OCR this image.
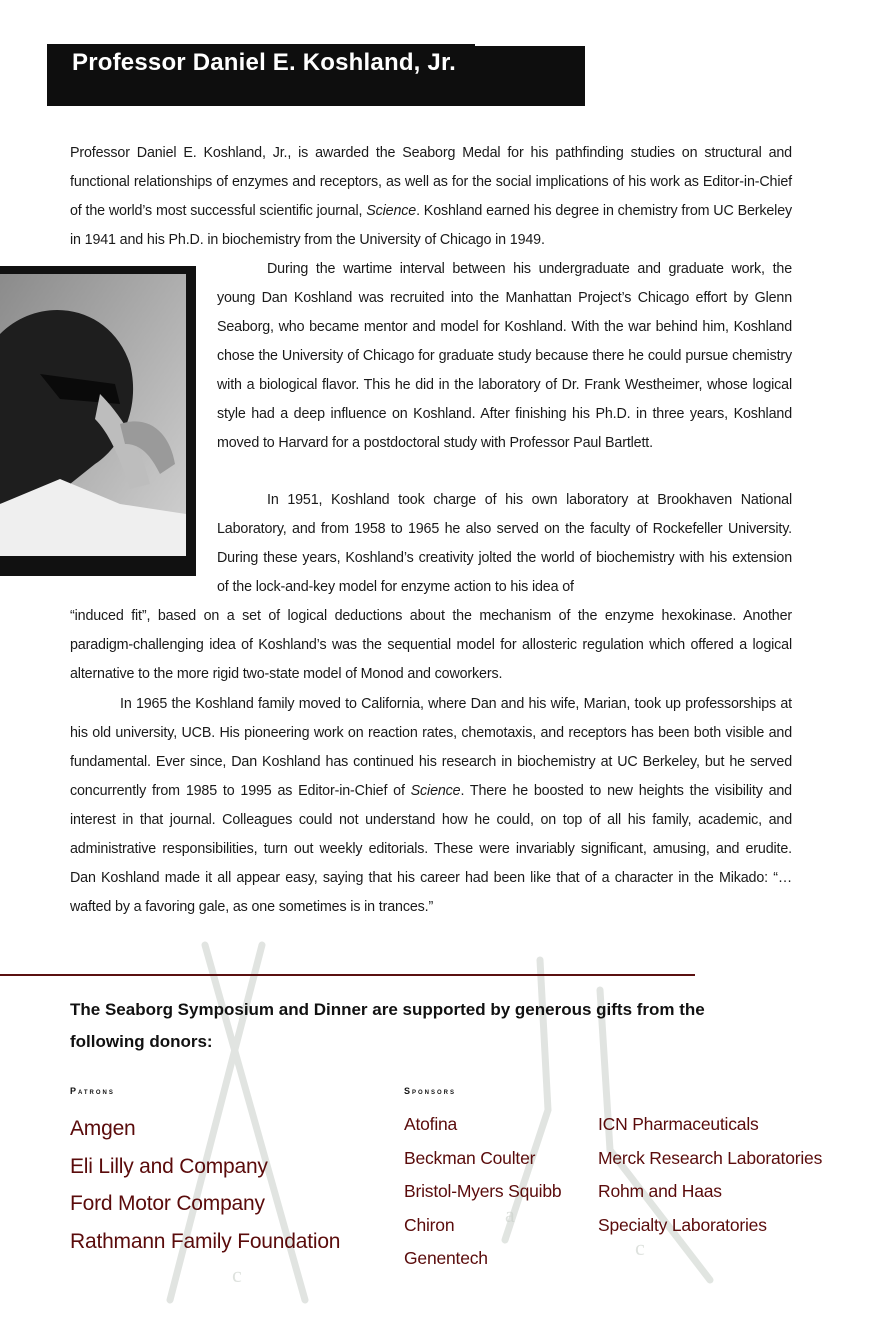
c
a
c
Professor Daniel E. Koshland, Jr.
Professor Daniel E. Koshland, Jr., is awarded the Seaborg Medal for his pathfinding studies on structural and functional relationships of enzymes and receptors, as well as for the social implications of his work as Editor-in-Chief of the world’s most successful scientific journal, Science. Koshland earned his degree in chemistry from UC Berkeley in 1941 and his Ph.D. in biochemistry from the University of Chicago in 1949.
During the wartime interval between his undergraduate and graduate work, the young Dan Koshland was recruited into the Manhattan Project’s Chicago effort by Glenn Seaborg, who became mentor and model for Koshland. With the war behind him, Koshland chose the University of Chicago for graduate study because there he could pursue chemistry with a biological flavor. This he did in the laboratory of Dr. Frank Westheimer, whose logical style had a deep influence on Koshland. After finishing his Ph.D. in three years, Koshland moved to Harvard for a postdoctoral study with Professor Paul Bartlett.
In 1951, Koshland took charge of his own laboratory at Brookhaven National Laboratory, and from 1958 to 1965 he also served on the faculty of Rockefeller University. During these years, Koshland’s creativity jolted the world of biochemistry with his extension of the lock-and-key model for enzyme action to his idea of
“induced fit”, based on a set of logical deductions about the mechanism of the enzyme hexokinase. Another paradigm-challenging idea of Koshland’s was the sequential model for allosteric regulation which offered a logical alternative to the more rigid two-state model of Monod and coworkers.
In 1965 the Koshland family moved to California, where Dan and his wife, Marian, took up professorships at his old university, UCB. His pioneering work on reaction rates, chemotaxis, and receptors has been both visible and fundamental. Ever since, Dan Koshland has continued his research in biochemistry at UC Berkeley, but he served concurrently from 1985 to 1995 as Editor-in-Chief of Science. There he boosted to new heights the visibility and interest in that journal. Colleagues could not understand how he could, on top of all his family, academic, and administrative responsibilities, turn out weekly editorials. These were invariably significant, amusing, and erudite. Dan Koshland made it all appear easy, saying that his career had been like that of a character in the Mikado: “…wafted by a favoring gale, as one sometimes is in trances.”
The Seaborg Symposium and Dinner are supported by generous gifts from the following donors:
Patrons	Sponsors
Amgen
Eli Lilly and Company
Ford Motor Company
Rathmann Family Foundation
Atofina
Beckman Coulter
Bristol-Myers Squibb
Chiron
Genentech
ICN Pharmaceuticals
Merck Research Laboratories
Rohm and Haas
Specialty Laboratories
